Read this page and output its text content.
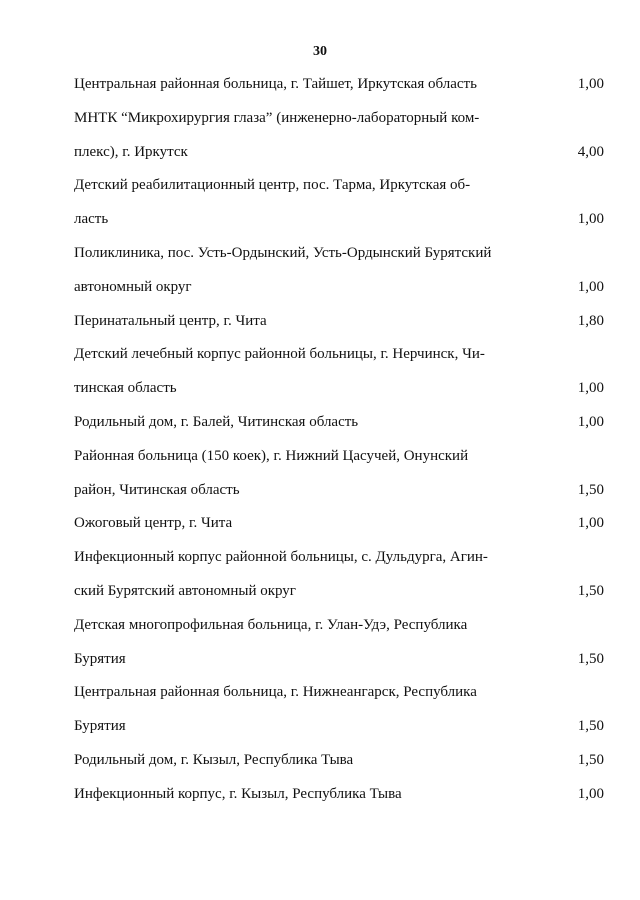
30
Центральная районная больница, г. Тайшет, Иркутская область	1,00
МНТК “Микрохирургия глаза” (инженерно-лабораторный ком-
плекс), г. Иркутск	4,00
Детский реабилитационный центр, пос. Тарма, Иркутская об-
ласть	1,00
Поликлиника, пос. Усть-Ордынский, Усть-Ордынский Бурятский
автономный округ	1,00
Перинатальный центр, г. Чита	1,80
Детский лечебный корпус районной больницы, г. Нерчинск, Чи-
тинская область	1,00
Родильный дом, г. Балей, Читинская область	1,00
Районная больница (150 коек), г. Нижний Цасучей, Онунский
район, Читинская область	1,50
Ожоговый центр, г. Чита	1,00
Инфекционный корпус районной больницы, с. Дульдурга, Агин-
ский Бурятский автономный округ	1,50
Детская многопрофильная больница, г. Улан-Удэ, Республика
Бурятия	1,50
Центральная районная больница, г. Нижнеангарск, Республика
Бурятия	1,50
Родильный дом, г. Кызыл, Республика Тыва	1,50
Инфекционный корпус, г. Кызыл, Республика Тыва	1,00
